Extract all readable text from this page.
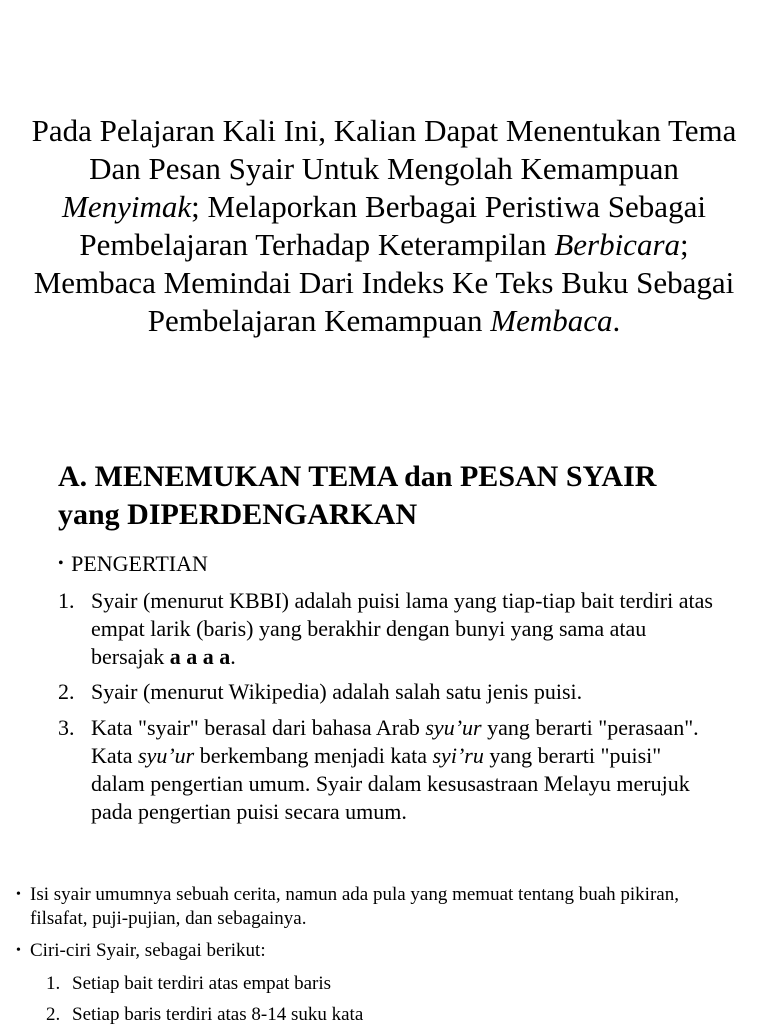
Pada Pelajaran Kali Ini, Kalian Dapat Menentukan Tema Dan Pesan Syair Untuk Mengolah Kemampuan Menyimak; Melaporkan Berbagai Peristiwa Sebagai Pembelajaran Terhadap Keterampilan Berbicara; Membaca Memindai Dari Indeks Ke Teks Buku Sebagai Pembelajaran Kemampuan Membaca.

A. MENEMUKAN TEMA dan PESAN SYAIR yang DIPERDENGARKAN

• PENGERTIAN

1. Syair (menurut KBBI) adalah puisi lama yang tiap-tiap bait terdiri atas empat larik (baris) yang berakhir dengan bunyi yang sama atau bersajak a a a a.
2. Syair (menurut Wikipedia) adalah salah satu jenis puisi.
3. Kata "syair" berasal dari bahasa Arab syu’ur yang berarti "perasaan". Kata syu’ur berkembang menjadi kata syi’ru yang berarti "puisi" dalam pengertian umum. Syair dalam kesusastraan Melayu merujuk pada pengertian puisi secara umum.
• Isi syair umumnya sebuah cerita, namun ada pula yang memuat tentang buah pikiran, filsafat, puji-pujian, dan sebagainya.
• Ciri-ciri Syair, sebagai berikut:

1. Setiap bait terdiri atas empat baris

2. Setiap baris terdiri atas 8-14 suku kata
